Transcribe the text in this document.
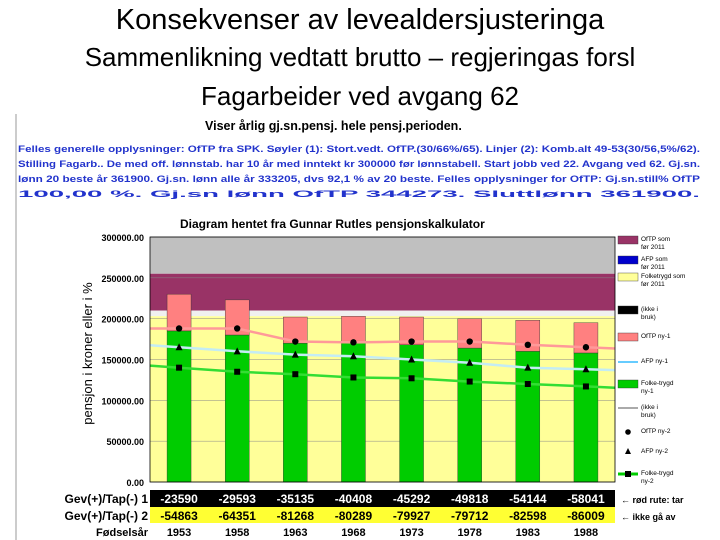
Konsekvenser av levealdersjusteringa
Sammenlikning vedtatt brutto – regjeringas forsl
Fagarbeider ved avgang 62
Viser årlig gj.sn.pensj. hele pensj.perioden.
Felles generelle opplysninger: OfTP fra SPK. Søyler (1): Stort.vedt. OfTP.(30/66%/65). Linjer (2): Komb.alt 49-53(30/56,5%/62).
Stilling Fagarb.. De med off. lønnstab. har 10 år med inntekt kr 300000 før lønnstabell. Start jobb ved 22. Avgang ved 62. Gj.sn.
lønn 20 beste år 361900. Gj.sn. lønn alle år 333205, dvs 92,1 % av 20 beste. Felles opplysninger for OfTP: Gj.sn.still% OfTP
100,00 %. Gj.sn lønn OfTP 344273. Sluttlønn 361900.
Diagram hentet fra Gunnar Rutles pensjonskalkulator
0.00
50000.00
100000.00
150000.00
200000.00
250000.00
300000.00
pensjon i kroner eller i %
OfTP som før 2011
AFP som før 2011
Folketrygd som før 2011
(ikke i bruk)
OfTP ny-1
AFP ny-1
Folke-trygd ny-1
(ikke i bruk)
OfTP ny-2
AFP ny-2
Folke-trygd ny-2
Gev(+)/Tap(-) 1
Gev(+)/Tap(-) 2
Fødselsår
-23590
-54863
1953
-29593
-64351
1958
-35135
-81268
1963
-40408
-80289
1968
-45292
-79927
1973
-49818
-79712
1978
-54144
-82598
1983
-58041
-86009
1988
← rød rute: tar
← ikke gå av
